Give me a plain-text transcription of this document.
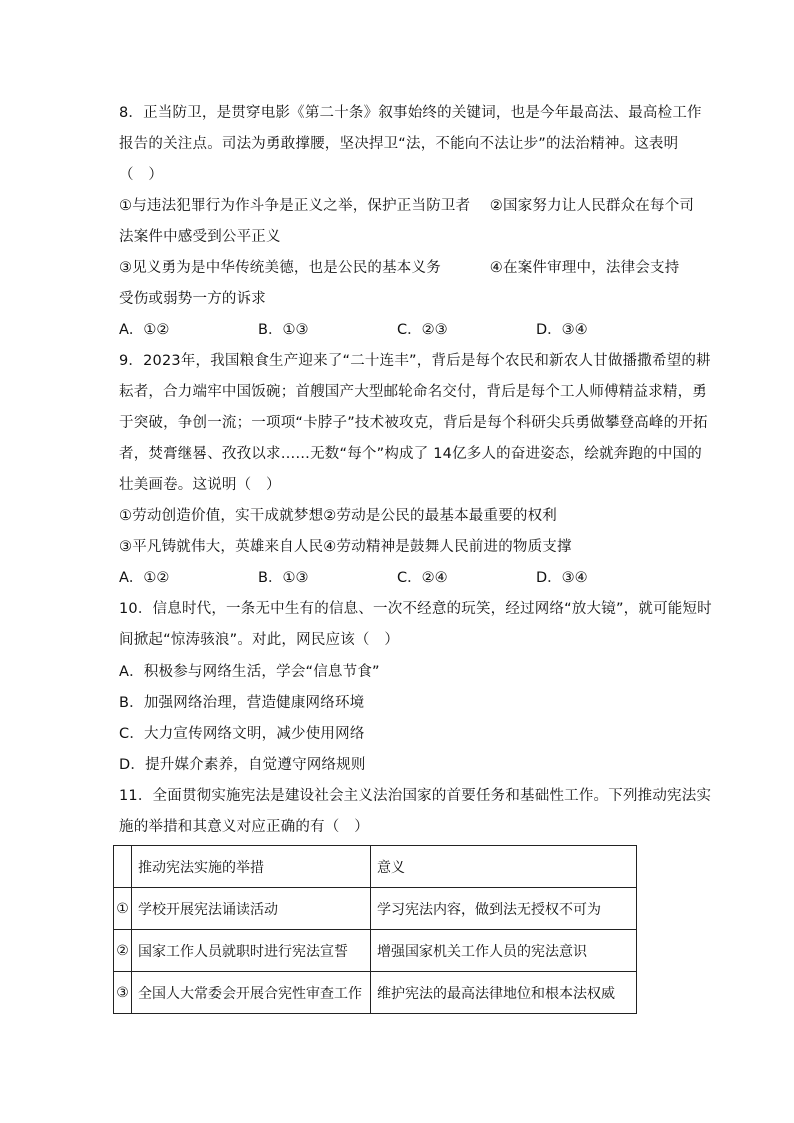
8．正当防卫，是贯穿电影《第二十条》叙事始终的关键词，也是今年最高法、最高检工作
报告的关注点。司法为勇敢撑腰，坚决捍卫“法，不能向不法让步”的法治精神。这表明
（　）
①与违法犯罪行为作斗争是正义之举，保护正当防卫者　 ②国家努力让人民群众在每个司
法案件中感受到公平正义
③见义勇为是中华传统美德，也是公民的基本义务　　　 ④在案件审理中，法律会支持
受伤或弱势一方的诉求
A．①②	B．①③	C．②③	D．③④
9．2023年，我国粮食生产迎来了“二十连丰”，背后是每个农民和新农人甘做播撒希望的耕
耘者，合力端牢中国饭碗；首艘国产大型邮轮命名交付，背后是每个工人师傅精益求精，勇
于突破，争创一流；一项项“卡脖子”技术被攻克，背后是每个科研尖兵勇做攀登高峰的开拓
者，焚膏继晷、孜孜以求……无数“每个”构成了 14亿多人的奋进姿态，绘就奔跑的中国的
壮美画卷。这说明（　）
①劳动创造价值，实干成就梦想②劳动是公民的最基本最重要的权利
③平凡铸就伟大，英雄来自人民④劳动精神是鼓舞人民前进的物质支撑
A．①②	B．①③	C．②④	D．③④
10．信息时代，一条无中生有的信息、一次不经意的玩笑，经过网络“放大镜”，就可能短时
间掀起“惊涛骇浪”。对此，网民应该（　）
A．积极参与网络生活，学会“信息节食”
B．加强网络治理，营造健康网络环境
C．大力宣传网络文明，减少使用网络
D．提升媒介素养，自觉遵守网络规则
11．全面贯彻实施宪法是建设社会主义法治国家的首要任务和基础性工作。下列推动宪法实
施的举措和其意义对应正确的有（　）
	推动宪法实施的举措	意义
①	学校开展宪法诵读活动	学习宪法内容，做到法无授权不可为
②	国家工作人员就职时进行宪法宣誓	增强国家机关工作人员的宪法意识
③	全国人大常委会开展合宪性审查工作	维护宪法的最高法律地位和根本法权威
